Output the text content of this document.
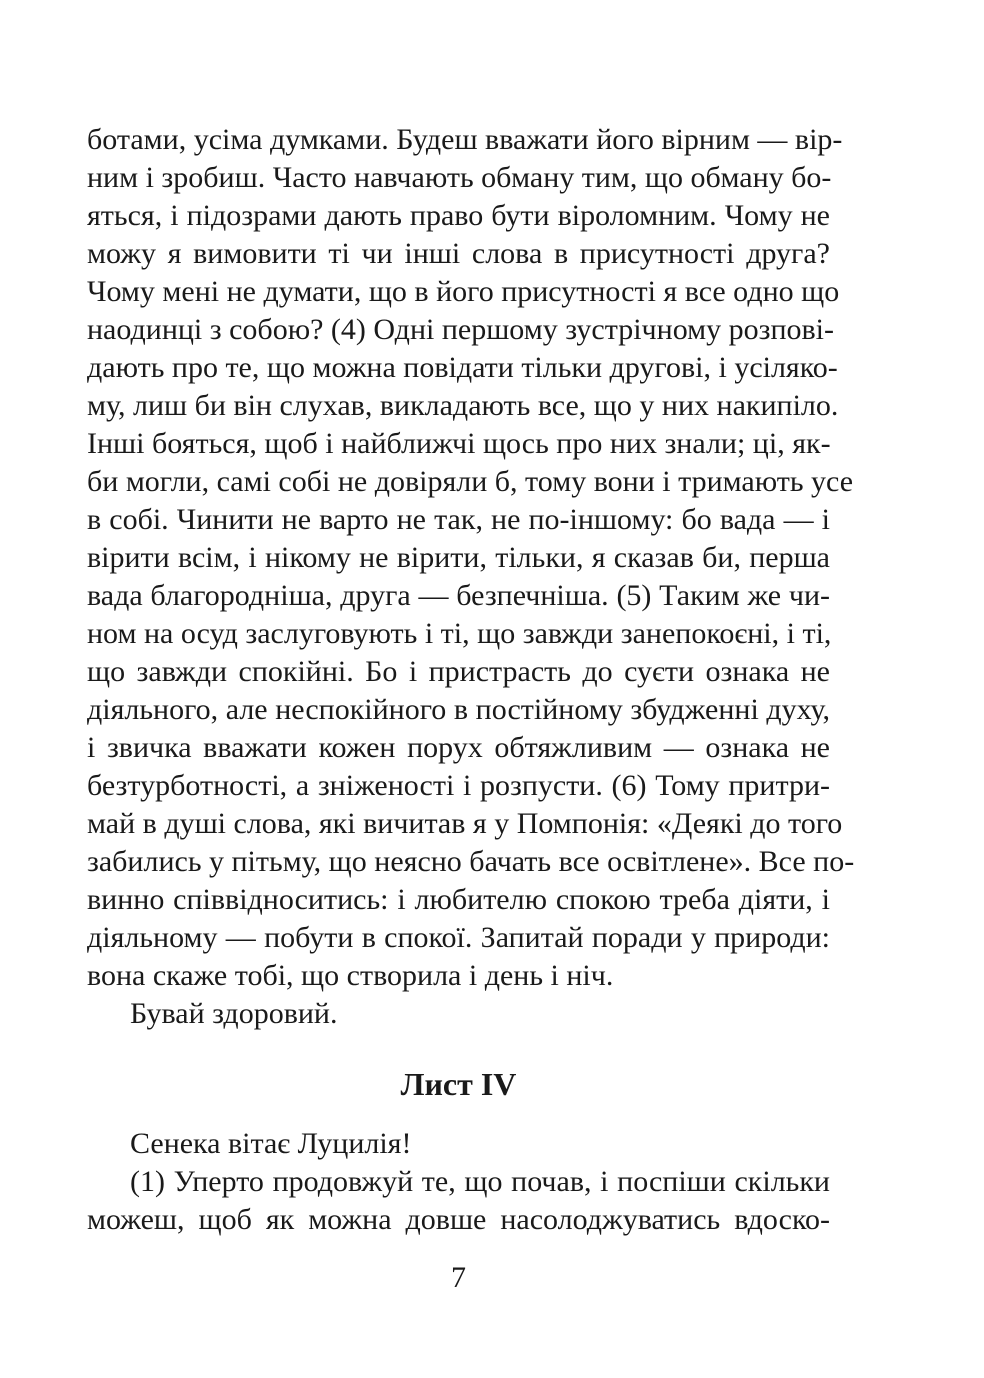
ботами, усіма думками. Будеш вважати його вірним — вір-
ним і зробиш. Часто навчають обману тим, що обману бо-
яться, і підозрами дають право бути віроломним. Чому не
можу я вимовити ті чи інші слова в присутності друга?
Чому мені не думати, що в його присутності я все одно що
наодинці з собою? (4) Одні першому зустрічному розпові-
дають про те, що можна повідати тільки другові, і усіляко-
му, лиш би він слухав, викладають все, що у них накипіло.
Інші бояться, щоб і найближчі щось про них знали; ці, як-
би могли, самі собі не довіряли б, тому вони і тримають усе
в собі. Чинити не варто не так, не по-іншому: бо вада — і
вірити всім, і нікому не вірити, тільки, я сказав би, перша
вада благородніша, друга — безпечніша. (5) Таким же чи-
ном на осуд заслуговують і ті, що завжди занепокоєні, і ті,
що завжди спокійні. Бо і пристрасть до суєти ознака не
діяльного, але неспокійного в постійному збудженні духу,
і звичка вважати кожен порух обтяжливим — ознака не
безтурботності, а зніженості і розпусти. (6) Тому притри-
май в душі слова, які вичитав я у Помпонія: «Деякі до того
забились у пітьму, що неясно бачать все освітлене». Все по-
винно співвідноситись: і любителю спокою треба діяти, і
діяльному — побути в спокої. Запитай поради у природи:
вона скаже тобі, що створила і день і ніч.
Бувай здоровий.
Лист IV
Сенека вітає Луцилія!
(1) Уперто продовжуй те, що почав, і поспіши скільки
можеш, щоб як можна довше насолоджуватись вдоско-
7
